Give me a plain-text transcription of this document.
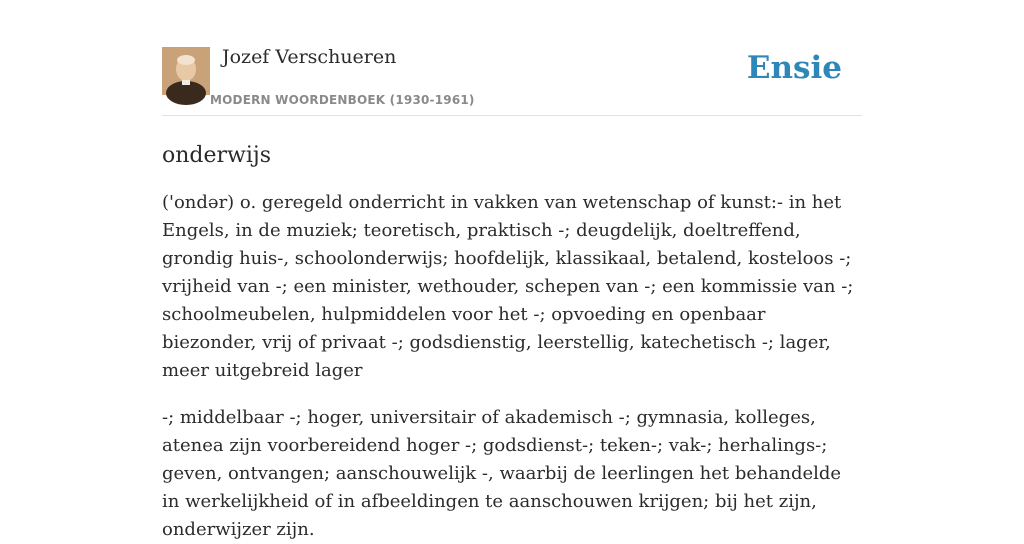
Jozef Verschueren
MODERN WOORDENBOEK (1930-1961)
Ensie
onderwijs

('ondər) o. geregeld onderricht in vakken van wetenschap of kunst:- in het Engels, in de muziek; teoretisch, praktisch -; deugdelijk, doeltreffend, grondig huis-, schoolonderwijs; hoofdelijk, klassikaal, betalend, kosteloos -; vrijheid van -; een minister, wethouder, schepen van -; een kommissie van -; schoolmeubelen, hulpmiddelen voor het -; opvoeding en openbaar biezonder, vrij of privaat -; godsdienstig, leerstellig, katechetisch -; lager, meer uitgebreid lager

-; middelbaar -; hoger, universitair of akademisch -; gymnasia, kolleges, atenea zijn voorbereidend hoger -; godsdienst-; teken-; vak-; herhalings-; geven, ontvangen; aanschouwelijk -, waarbij de leerlingen het behandelde in werkelijkheid of in afbeeldingen te aanschouwen krijgen; bij het zijn, onderwijzer zijn.
